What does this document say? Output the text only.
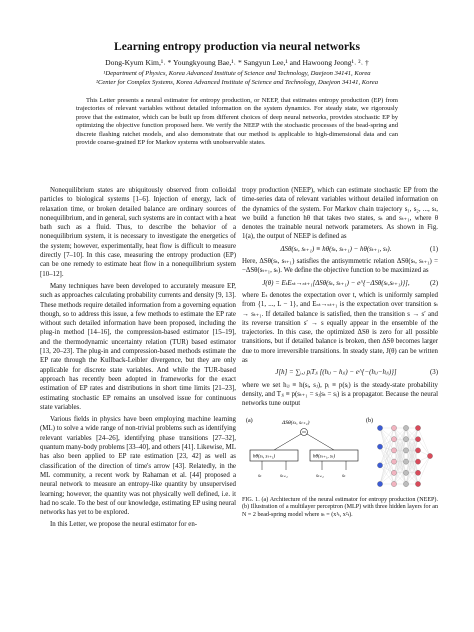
Learning entropy production via neural networks
Dong-Kyum Kim,¹˒ * Youngkyoung Bae,¹˒ * Sangyun Lee,¹ and Hawoong Jeong¹˒ ²˒ †
¹Department of Physics, Korea Advanced Institute of Science and Technology, Daejeon 34141, Korea
²Center for Complex Systems, Korea Advanced Institute of Science and Technology, Daejeon 34141, Korea
This Letter presents a neural estimator for entropy production, or NEEP, that estimates entropy production (EP) from trajectories of relevant variables without detailed information on the system dynamics. For steady state, we rigorously prove that the estimator, which can be built up from different choices of deep neural networks, provides stochastic EP by optimizing the objective function proposed here. We verify the NEEP with the stochastic processes of the bead-spring and discrete flashing ratchet models, and also demonstrate that our method is applicable to high-dimensional data and can provide coarse-grained EP for Markov systems with unobservable states.

Nonequilibrium states are ubiquitously observed from colloidal particles to biological systems [1–6]. Injection of energy, lack of relaxation time, or broken detailed balance are ordinary sources of nonequilibrium, and in general, such systems are in contact with a heat bath such as a fluid. Thus, to describe the behavior of a nonequilibrium system, it is necessary to investigate the energetics of the system; however, experimentally, heat flow is difficult to measure directly [7–10]. In this case, measuring the entropy production (EP) can be one remedy to estimate heat flow in a nonequilibrium system [10–12].

Many techniques have been developed to accurately measure EP, such as approaches calculating probability currents and density [9, 13]. These methods require detailed information from a governing equation though, so to address this issue, a few methods to estimate the EP rate without such detailed information have been proposed, including the plug-in method [14–16], the compression-based estimator [15–19], and the thermodynamic uncertainty relation (TUR) based estimator [13, 20–23]. The plug-in and compression-based methods estimate the EP rate through the Kullback-Leibler divergence, but they are only applicable for discrete state variables. And while the TUR-based approach has recently been adopted in frameworks for the exact estimation of EP rates and distributions in short time limits [21–23], estimating stochastic EP remains an unsolved issue for continuous state variables.

Various fields in physics have been employing machine learning (ML) to solve a wide range of non-trivial problems such as identifying relevant variables [24–26], identifying phase transitions [27–32], quantum many-body problems [33–40], and others [41]. Likewise, ML has also been applied to EP rate estimation [23, 42] as well as classification of the direction of time's arrow [43]. Relatedly, in the ML community, a recent work by Rahaman et al. [44] proposed a neural network to measure an entropy-like quantity by unsupervised learning; however, the quantity was not physically well defined, i.e. it had no scale. To the best of our knowledge, estimating EP using neural networks has yet to be explored.

In this Letter, we propose the neural estimator for en-

tropy production (NEEP), which can estimate stochastic EP from the time-series data of relevant variables without detailed information on the dynamics of the system. For Markov chain trajectory s₁, s₂, ..., sₗ, we build a function hθ that takes two states, sₜ and sₜ₊₁, where θ denotes the trainable neural network parameters. As shown in Fig. 1(a), the output of NEEP is defined as

ΔSθ(sₜ, sₜ₊₁) ≡ hθ(sₜ, sₜ₊₁) − hθ(sₜ₊₁, sₜ).	(1)

Here, ΔSθ(sₜ, sₜ₊₁) satisfies the antisymmetric relation ΔSθ(sₜ, sₜ₊₁) = −ΔSθ(sₜ₊₁, sₜ). We define the objective function to be maximized as

J(θ) = EₜEₛₜ→ₛₜ₊₁[ΔSθ(sₜ, sₜ₊₁) − e^{−ΔSθ(sₜ,sₜ₊₁)}],	(2)

where Eₜ denotes the expectation over t, which is uniformly sampled from {1, ..., L − 1}, and Eₛₜ→ₛₜ₊₁ is the expectation over transition sₜ → sₜ₊₁. If detailed balance is satisfied, then the transition s → s′ and its reverse transition s′ → s equally appear in the ensemble of the trajectories. In this case, the optimized ΔSθ is zero for all possible transitions, but if detailed balance is broken, then ΔSθ becomes larger due to more irreversible transitions. In steady state, J(θ) can be written as

J[h] = ∑ᵢ,ⱼ pᵢTⱼᵢ [(hᵢⱼ − hⱼᵢ) − e^{−(hᵢⱼ−hⱼᵢ)}]	(3)

where we set hᵢⱼ ≡ h(sᵢ, sⱼ), pᵢ ≡ p(sᵢ) is the steady-state probability density, and Tⱼᵢ ≡ p(sₜ₊₁ = sⱼ|sₜ = sᵢ) is a propagator. Because the neural networks tune output

(a)	ΔSθ(sₜ, sₜ₊₁)
hθ(sₜ, sₜ₊₁)	hθ(sₜ₊₁, sₜ)
sₜ	sₜ₊₁	sₜ₊₁	sₜ
(b)
FIG. 1. (a) Architecture of the neural estimator for entropy production (NEEP). (b) Illustration of a multilayer perceptron (MLP) with three hidden layers for an N = 2 bead-spring model where sₜ = (x¹ₜ, x²ₜ).
